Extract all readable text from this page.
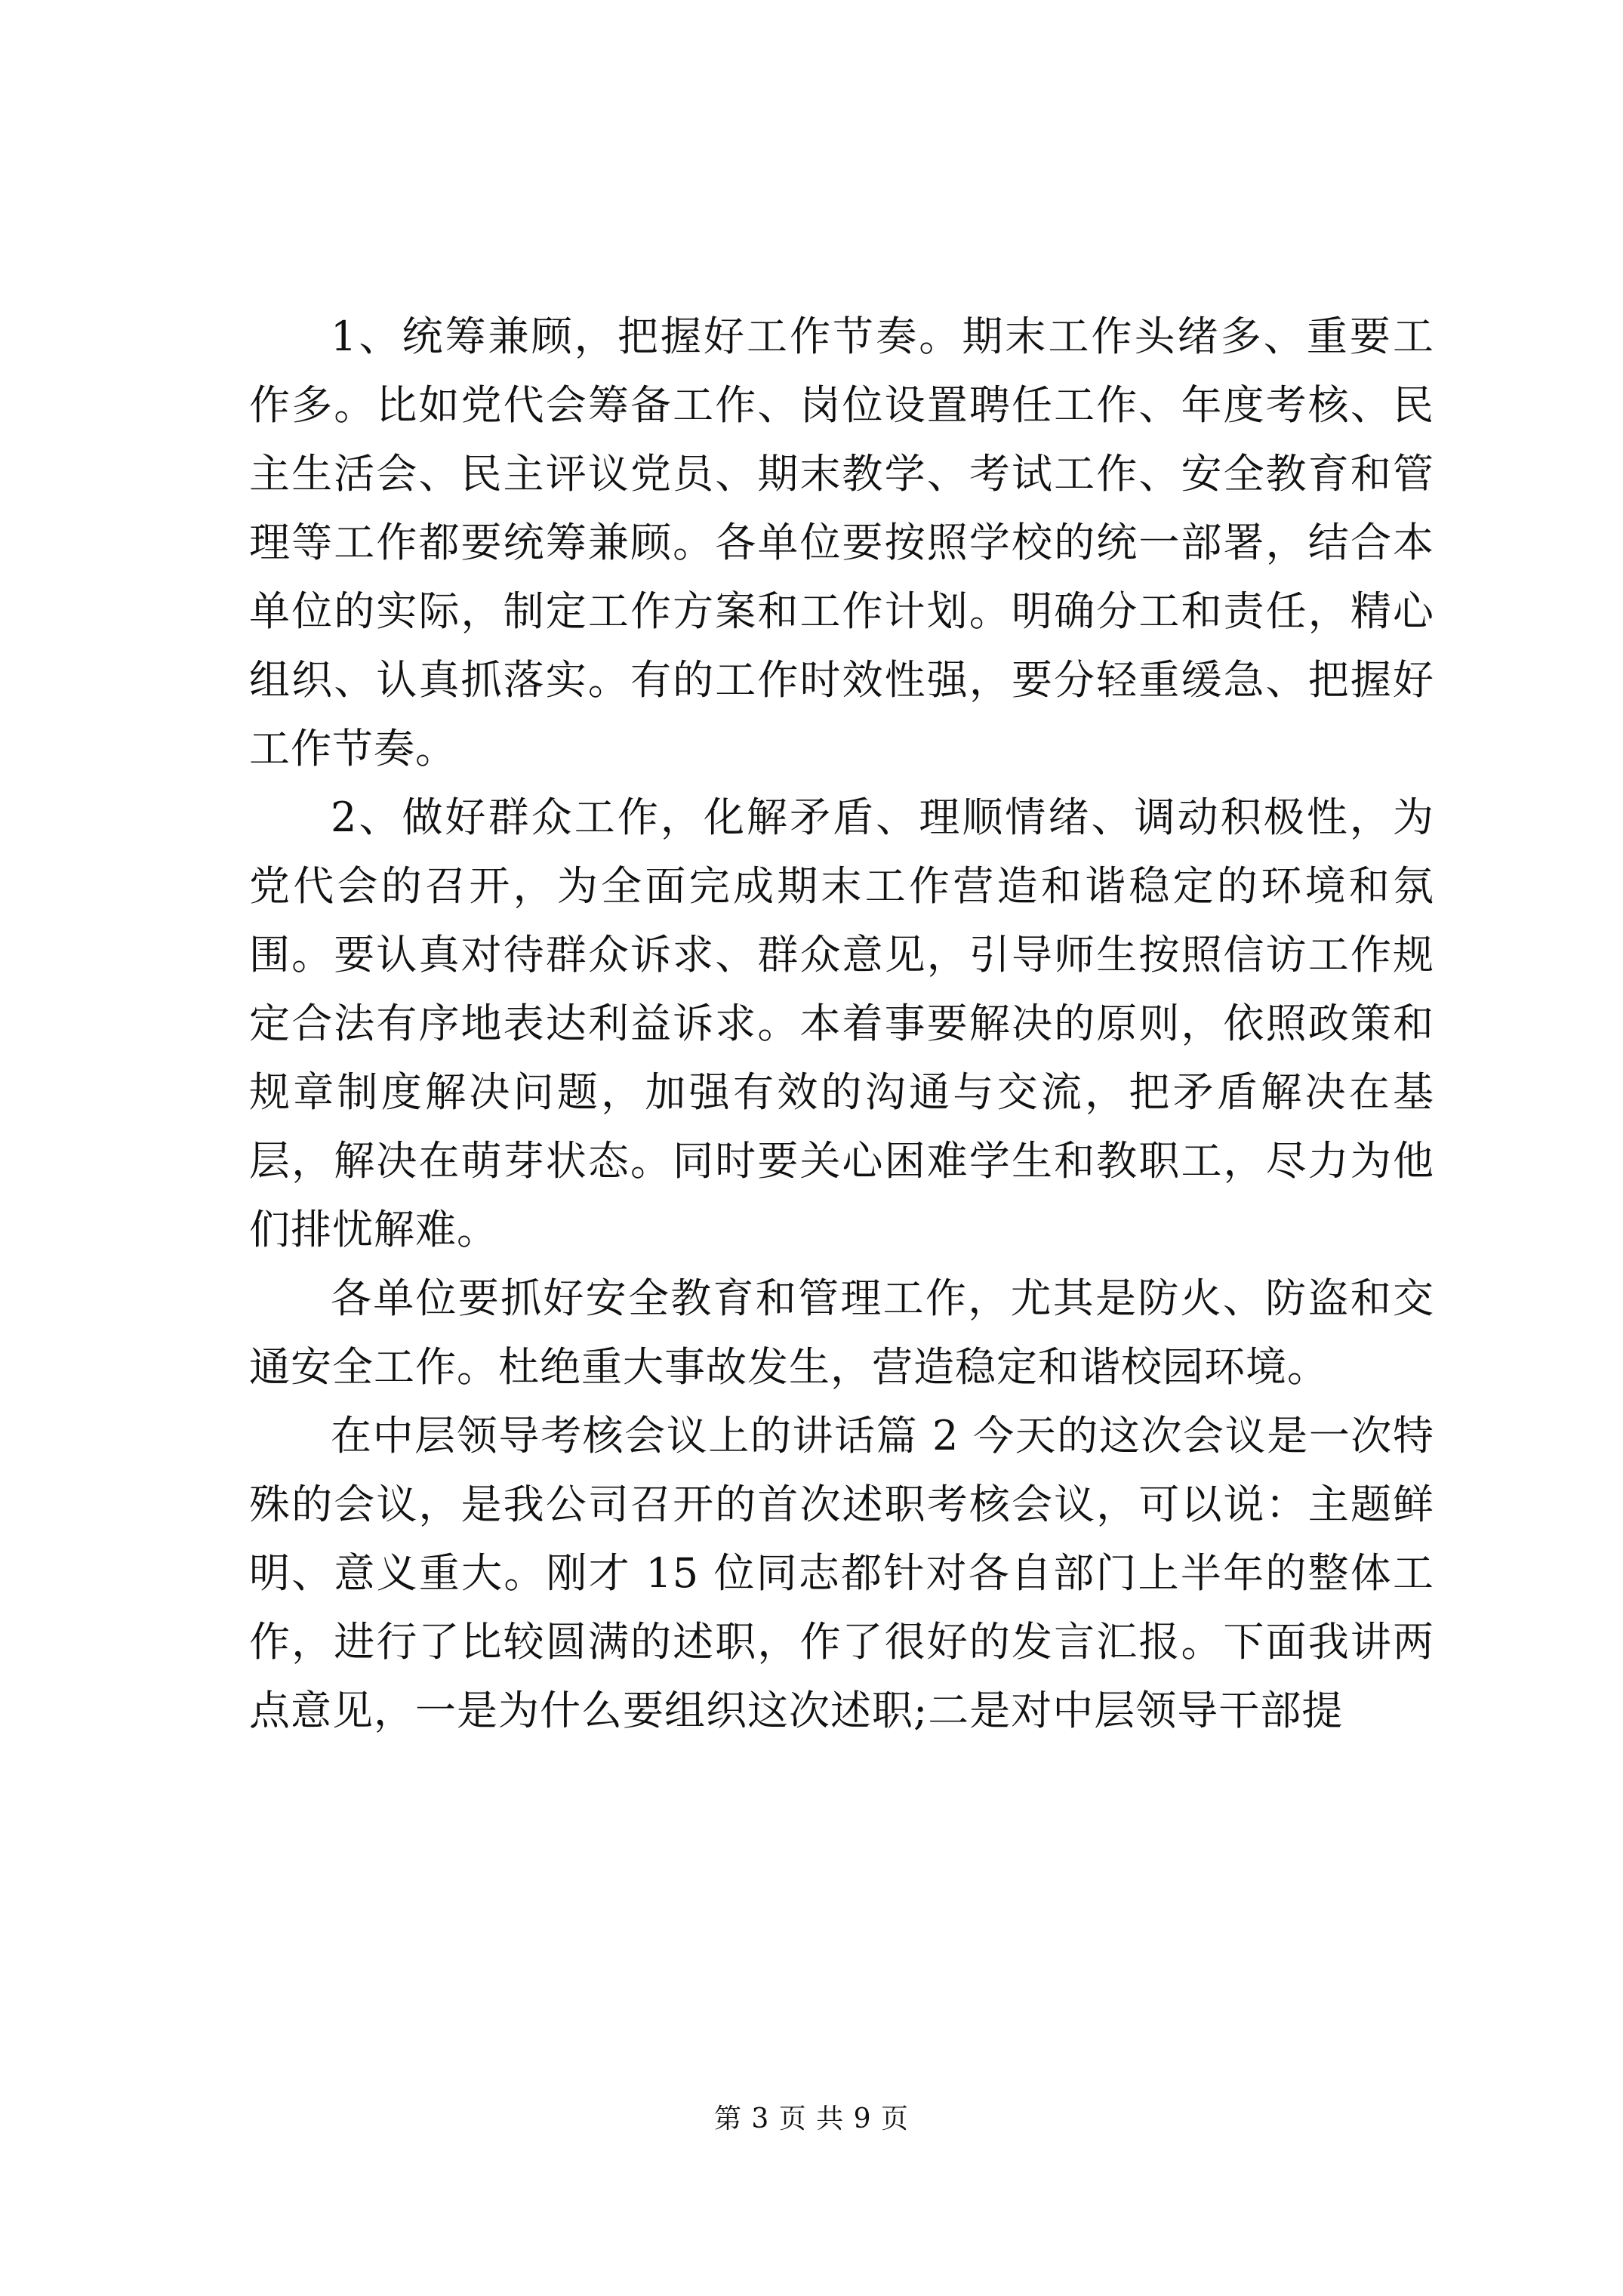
1、统筹兼顾，把握好工作节奏。期末工作头绪多、重要工作多。比如党代会筹备工作、岗位设置聘任工作、年度考核、民主生活会、民主评议党员、期末教学、考试工作、安全教育和管理等工作都要统筹兼顾。各单位要按照学校的统一部署，结合本单位的实际，制定工作方案和工作计划。明确分工和责任，精心组织、认真抓落实。有的工作时效性强，要分轻重缓急、把握好工作节奏。

2、做好群众工作，化解矛盾、理顺情绪、调动积极性，为党代会的召开，为全面完成期末工作营造和谐稳定的环境和氛围。要认真对待群众诉求、群众意见，引导师生按照信访工作规定合法有序地表达利益诉求。本着事要解决的原则，依照政策和规章制度解决问题，加强有效的沟通与交流，把矛盾解决在基层，解决在萌芽状态。同时要关心困难学生和教职工，尽力为他们排忧解难。

各单位要抓好安全教育和管理工作，尤其是防火、防盗和交通安全工作。杜绝重大事故发生，营造稳定和谐校园环境。

在中层领导考核会议上的讲话篇 2 今天的这次会议是一次特殊的会议，是我公司召开的首次述职考核会议，可以说：主题鲜明、意义重大。刚才 15 位同志都针对各自部门上半年的整体工作，进行了比较圆满的述职，作了很好的发言汇报。下面我讲两点意见，一是为什么要组织这次述职;二是对中层领导干部提

第 3 页 共 9 页
